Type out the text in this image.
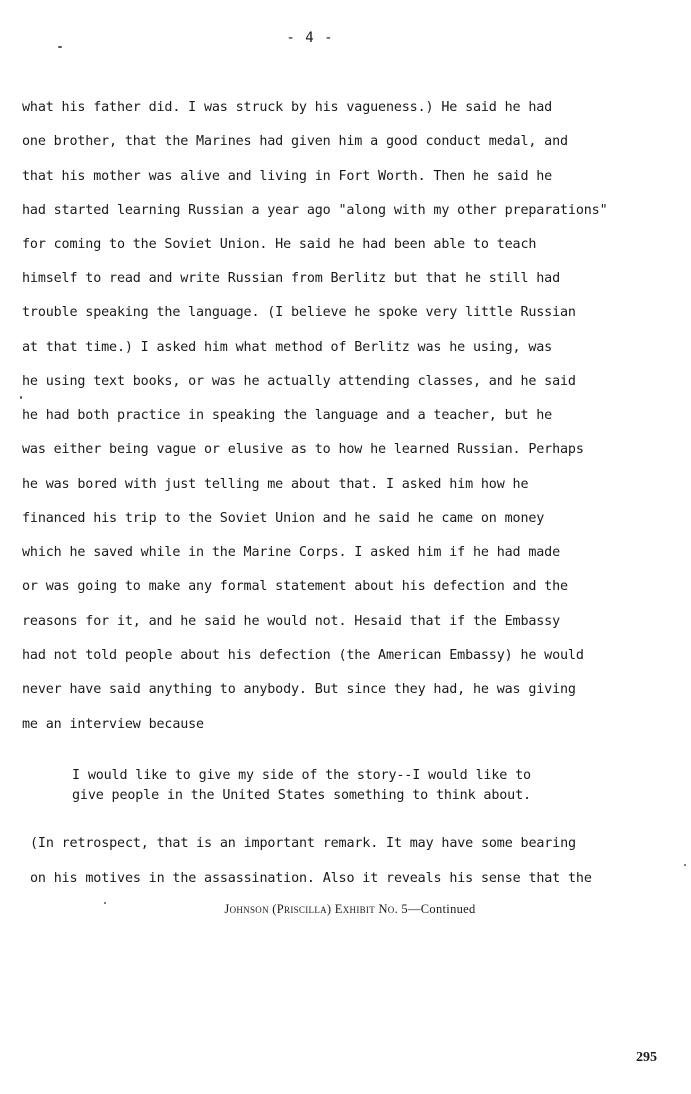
- 4 -
what his father did. I was struck by his vagueness.) He said he had
one brother, that the Marines had given him a good conduct medal, and
that his mother was alive and living in Fort Worth. Then he said he
had started learning Russian a year ago "along with my other preparations"
for coming to the Soviet Union. He said he had been able to teach
himself to read and write Russian from Berlitz but that he still had
trouble speaking the language. (I believe he spoke very little Russian
at that time.) I asked him what method of Berlitz was he using, was
he using text books, or was he actually attending classes, and he said
he had both practice in speaking the language and a teacher, but he
was either being vague or elusive as to how he learned Russian. Perhaps
he was bored with just telling me about that. I asked him how he
financed his trip to the Soviet Union and he said he came on money
which he saved while in the Marine Corps. I asked him if he had made
or was going to make any formal statement about his defection and the
reasons for it, and he said he would not. Hesaid that if the Embassy
had not told people about his defection (the American Embassy) he would
never have said anything to anybody. But since they had, he was giving
me an interview because
I would like to give my side of the story--I would like to
give people in the United States something to think about.
(In retrospect, that is an important remark. It may have some bearing
on his motives in the assassination. Also it reveals his sense that the
Johnson (Priscilla) Exhibit No. 5—Continued
295
